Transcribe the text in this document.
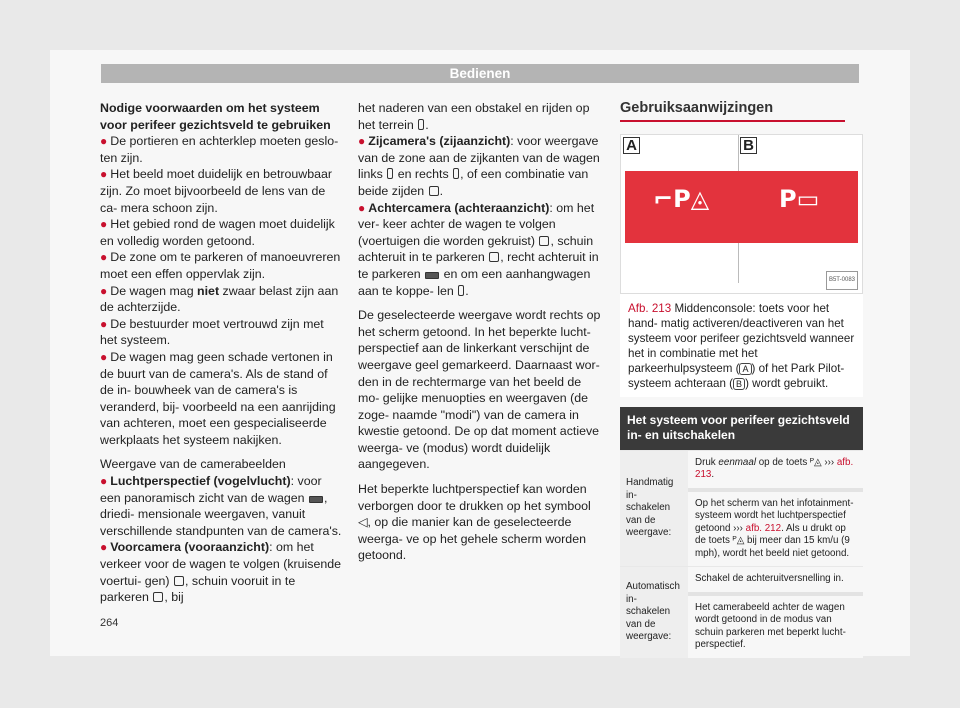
Bedienen
Nodige voorwaarden om het systeem voor perifeer gezichtsveld te gebruiken
● De portieren en achterklep moeten geslo- ten zijn.
● Het beeld moet duidelijk en betrouwbaar zijn. Zo moet bijvoorbeeld de lens van de ca- mera schoon zijn.
● Het gebied rond de wagen moet duidelijk en volledig worden getoond.
● De zone om te parkeren of manoeuvreren moet een effen oppervlak zijn.
● De wagen mag niet zwaar belast zijn aan de achterzijde.
● De bestuurder moet vertrouwd zijn met het systeem.
● De wagen mag geen schade vertonen in de buurt van de camera's. Als de stand of de in- bouwheek van de camera's is veranderd, bij- voorbeeld na een aanrijding van achteren, moet een gespecialiseerde werkplaats het systeem nakijken.
Weergave van de camerabeelden
● Luchtperspectief (vogelvlucht): voor een panoramisch zicht van de wagen , driedi- mensionale weergaven, vanuit verschillende standpunten van de camera's.
● Voorcamera (vooraanzicht): om het verkeer voor de wagen te volgen (kruisende voertui- gen) , schuin vooruit in te parkeren , bij
het naderen van een obstakel en rijden op het terrein .
● Zijcamera's (zijaanzicht): voor weergave van de zone aan de zijkanten van de wagen links  en rechts , of een combinatie van beide zijden .
● Achtercamera (achteraanzicht): om het ver- keer achter de wagen te volgen (voertuigen die worden gekruist) , schuin achteruit in te parkeren , recht achteruit in te parkeren  en om een aanhangwagen aan te koppe- len .
De geselecteerde weergave wordt rechts op het scherm getoond. In het beperkte lucht- perspectief aan de linkerkant verschijnt de weergave geel gemarkeerd. Daarnaast wor- den in de rechtermarge van het beeld de mo- gelijke menuopties en weergaven (de zoge- naamde "modi") van de camera in kwestie getoond. De op dat moment actieve weerga- ve (modus) wordt duidelijk aangegeven.
Het beperkte luchtperspectief kan worden verborgen door te drukken op het symbool ◁, op die manier kan de geselecteerde weerga- ve op het gehele scherm worden getoond.
Gebruiksaanwijzingen
A	B
⌐P◬	P▭
B5T-0083
Afb. 213 Middenconsole: toets voor het hand- matig activeren/deactiveren van het systeem voor perifeer gezichtsveld wanneer het in combinatie met het parkeerhulpsysteem ( A ) of het Park Pilot-systeem achteraan ( B ) wordt gebruikt.
Het systeem voor perifeer gezichtsveld in- en uitschakelen
Handmatig in- schakelen van de weergave:
Druk eenmaal op de toets ᴾ◬ ››› afb. 213.
Op het scherm van het infotainment- systeem wordt het luchtperspectief getoond ››› afb. 212. Als u drukt op de toets ᴾ◬ bij meer dan 15 km/u (9 mph), wordt het beeld niet getoond.
Automatisch in- schakelen van de weergave:
Schakel de achteruitversnelling in.
Het camerabeeld achter de wagen wordt getoond in de modus van schuin parkeren met beperkt lucht- perspectief.
264
